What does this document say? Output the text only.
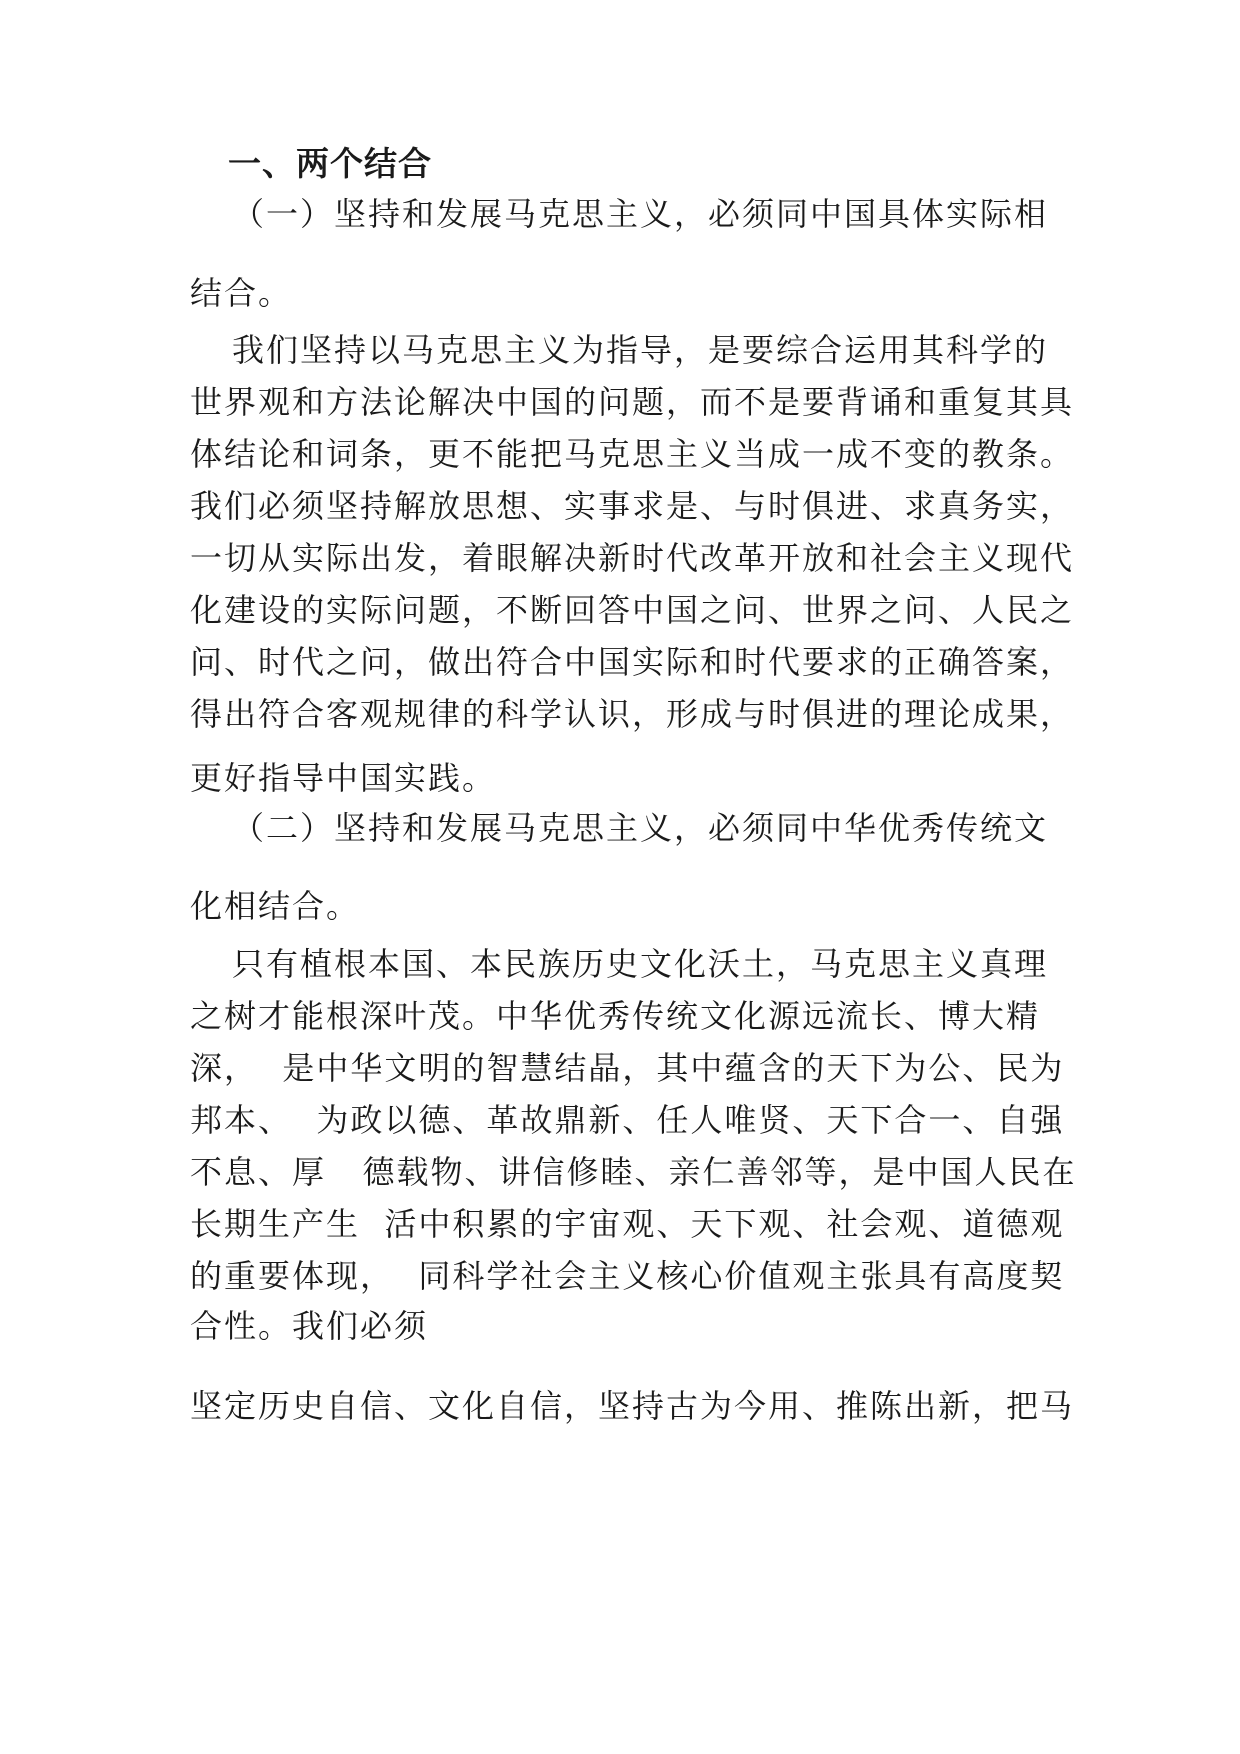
一、两个结合
（一）坚持和发展马克思主义，必须同中国具体实际相
结合。
我们坚持以马克思主义为指导，是要综合运用其科学的
世界观和方法论解决中国的问题，而不是要背诵和重复其具
体结论和词条，更不能把马克思主义当成一成不变的教条。
我们必须坚持解放思想、实事求是、与时俱进、求真务实，
一切从实际出发，着眼解决新时代改革开放和社会主义现代
化建设的实际问题，不断回答中国之问、世界之问、人民之
问、时代之问，做出符合中国实际和时代要求的正确答案，
得出符合客观规律的科学认识，形成与时俱进的理论成果，
更好指导中国实践。
（二）坚持和发展马克思主义，必须同中华优秀传统文
化相结合。
只有植根本国、本民族历史文化沃土，马克思主义真理
之树才能根深叶茂。中华优秀传统文化源远流长、博大精
深，  是中华文明的智慧结晶，其中蕴含的天下为公、民为
邦本、  为政以德、革故鼎新、任人唯贤、天下合一、自强
不息、厚   德载物、讲信修睦、亲仁善邻等，是中国人民在
长期生产生  活中积累的宇宙观、天下观、社会观、道德观
的重要体现，  同科学社会主义核心价值观主张具有高度契
合性。我们必须
坚定历史自信、文化自信，坚持古为今用、推陈出新，把马
